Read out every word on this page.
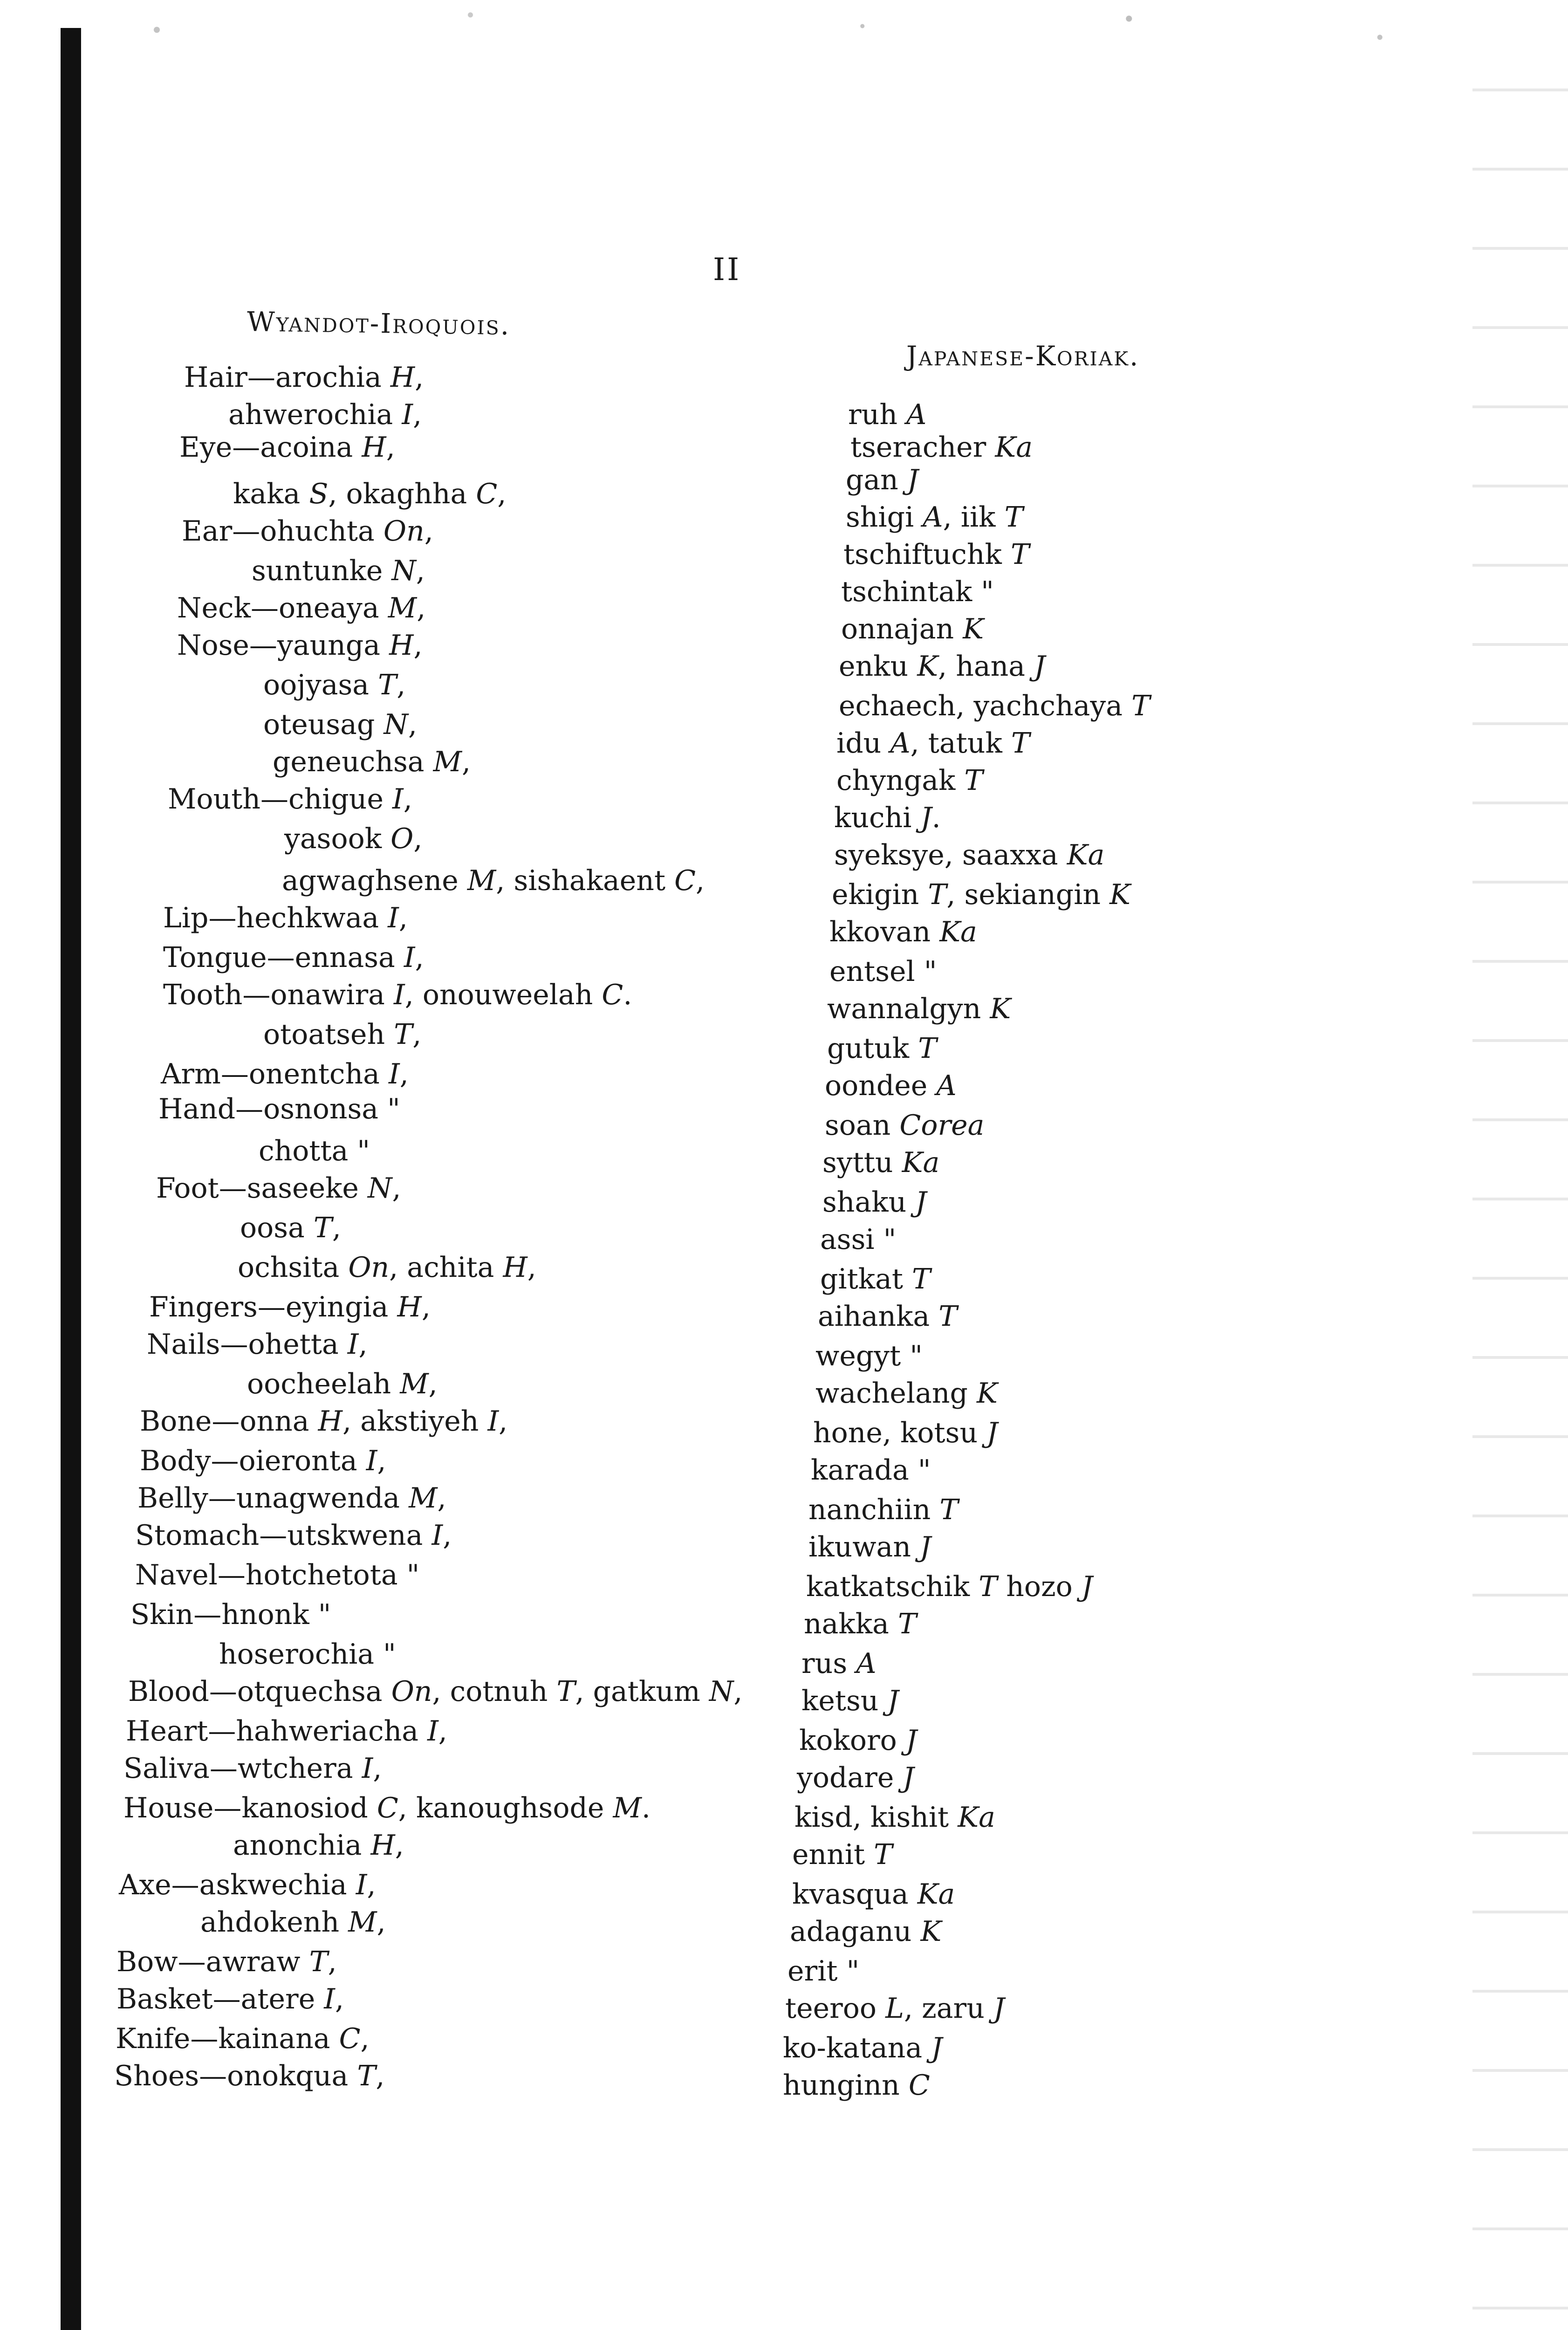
II
Wyandot-Iroquois.
Japanese-Koriak.
Hair—arochia H,
ahwerochia I,
Eye—acoina H,
kaka S, okaghha C,
Ear—ohuchta On,
suntunke N,
Neck—oneaya M,
Nose—yaunga H,
oojyasa T,
oteusag N,
geneuchsa M,
Mouth—chigue I,
yasook O,
agwaghsene M, sishakaent C,
Lip—hechkwaa I,
Tongue—ennasa I,
Tooth—onawira I, onouweelah C.
otoatseh T,
Arm—onentcha I,
Hand—osnonsa "
chotta "
Foot—saseeke N,
oosa T,
ochsita On, achita H,
Fingers—eyingia H,
Nails—ohetta I,
oocheelah M,
Bone—onna H, akstiyeh I,
Body—oieronta I,
Belly—unagwenda M,
Stomach—utskwena I,
Navel—hotchetota "
Skin—hnonk "
hoserochia "
Blood—otquechsa On, cotnuh T, gatkum N,
Heart—hahweriacha I,
Saliva—wtchera I,
House—kanosiod C, kanoughsode M.
anonchia H,
Axe—askwechia I,
ahdokenh M,
Bow—awraw T,
Basket—atere I,
Knife—kainana C,
Shoes—onokqua T,
ruh A
tseracher Ka
gan J
shigi A, iik T
tschiftuchk T
tschintak "
onnajan K
enku K, hana J
echaech, yachchaya T
idu A, tatuk T
chyngak T
kuchi J.
syeksye, saaxxa Ka
ekigin T, sekiangin K
kkovan Ka
entsel "
wannalgyn K
gutuk T
oondee A
soan Corea
syttu Ka
shaku J
assi "
gitkat T
aihanka T
wegyt "
wachelang K
hone, kotsu J
karada "
nanchiin T
ikuwan J
katkatschik T hozo J
nakka T
rus A
ketsu J
kokoro J
yodare J
kisd, kishit Ka
ennit T
kvasqua Ka
adaganu K
erit "
teeroo L, zaru J
ko-katana J
hunginn C
